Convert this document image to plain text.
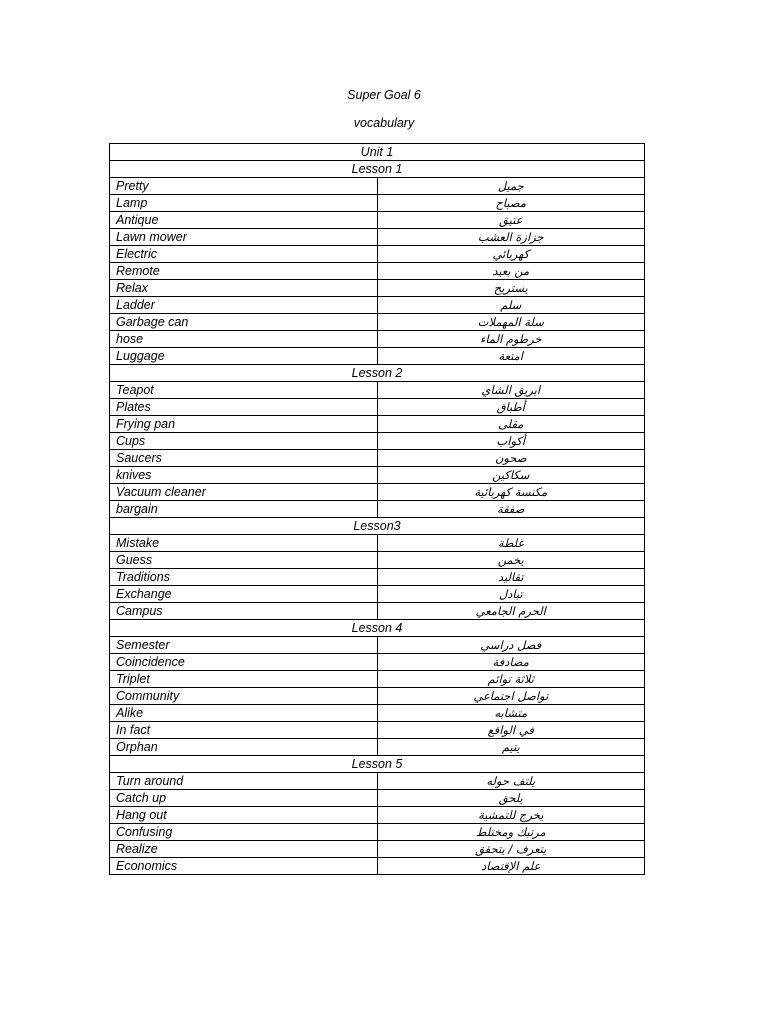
Super Goal 6
vocabulary
Unit 1	
Lesson 1	
Pretty	جميل
Lamp	مصباح
Antique	عتيق
Lawn mower	جزازة العشب
Electric	كهربائي
Remote	من بعيد
Relax	يستريح
Ladder	سلم
Garbage can	سلة المهملات
hose	خرطوم الماء
Luggage	امتعة
Lesson 2	
Teapot	ابريق الشاي
Plates	أطباق
Frying pan	مقلى
Cups	أكواب
Saucers	صحون
knives	سكاكين
Vacuum cleaner	مكنسة كهربائية
bargain	صفقة
Lesson3	
Mistake	غلطة
Guess	يخمن
Traditions	تقاليد
Exchange	تبادل
Campus	الحرم الجامعي
Lesson 4	
Semester	فصل دراسي
Coincidence	مصادفة
Triplet	ثلاثة توائم
Community	تواصل اجتماعي
Alike	متشابه
In fact	في الواقع
Orphan	يتيم
Lesson 5	
Turn around	يلتف حوله
Catch up	يلحق
Hang out	يخرج للتمشية
Confusing	مرتبك ومختلط
Realize	يتعرف / يتحقق
Economics	علم الإقتصاد
